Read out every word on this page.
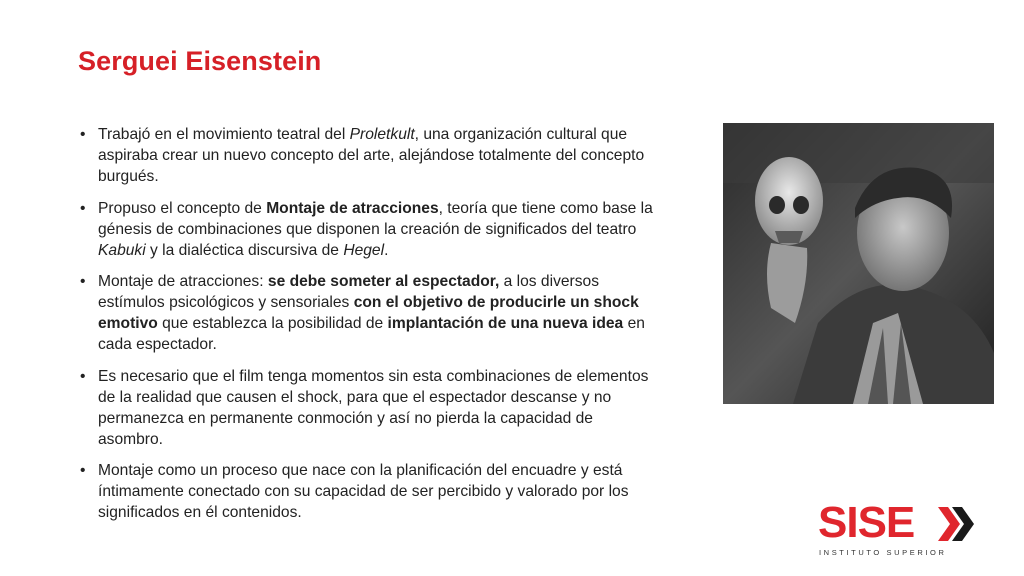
Serguei Eisenstein
• Trabajó en el movimiento teatral del Proletkult, una organización cultural que aspiraba crear un nuevo concepto del arte, alejándose totalmente del concepto burgués.
• Propuso el concepto de Montaje de atracciones, teoría que tiene como base la génesis de combinaciones que disponen la creación de significados del teatro Kabuki y la dialéctica discursiva de Hegel.
• Montaje de atracciones: se debe someter al espectador, a los diversos estímulos psicológicos y sensoriales con el objetivo de producirle un shock emotivo que establezca la posibilidad de implantación de una nueva idea en cada espectador.
• Es necesario que el film tenga momentos sin esta combinaciones de elementos de la realidad que causen el shock, para que el espectador descanse y no permanezca en permanente conmoción y así no pierda la capacidad de asombro.
• Montaje como un proceso que nace con la planificación del encuadre y está íntimamente conectado con su capacidad de ser percibido y valorado por los significados en él contenidos.	SISE
INSTITUTO SUPERIOR
